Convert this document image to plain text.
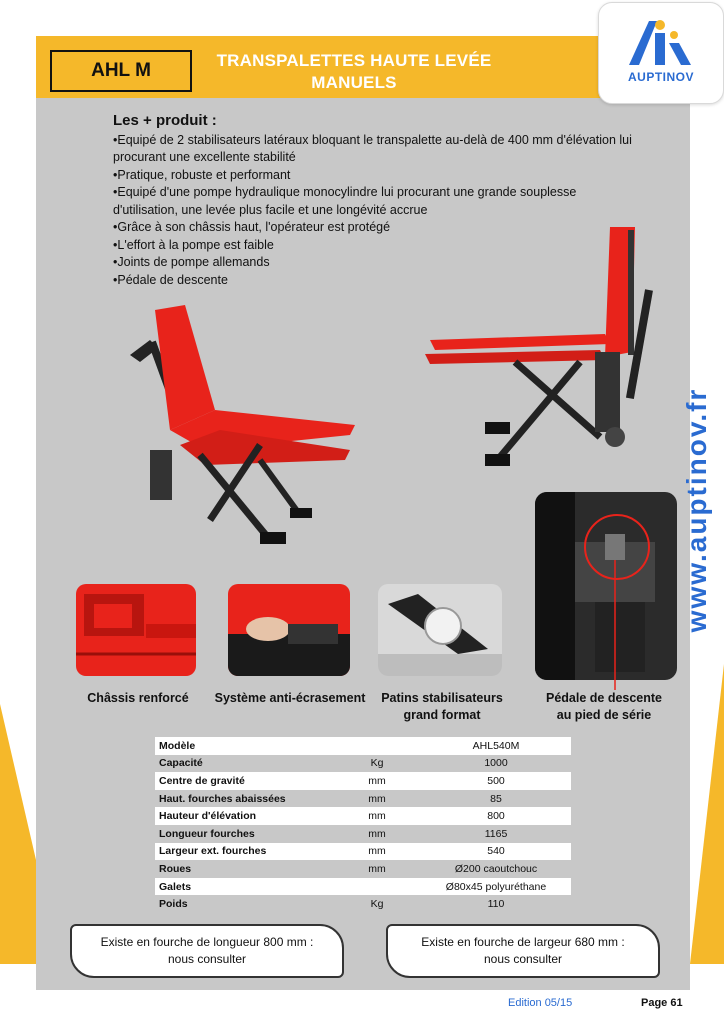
AHL M	TRANSPALETTES HAUTE LEVÉE
MANUELS	AUPTINOV
www.auptinov.fr
Les + produit :
• Equipé de 2 stabilisateurs latéraux bloquant le transpalette au-delà de 400 mm d'élévation lui procurant une excellente stabilité
• Pratique, robuste et performant
• Equipé d'une pompe hydraulique monocylindre lui procurant une grande souplesse d'utilisation, une levée plus facile et une longévité accrue
• Grâce à son châssis haut, l'opérateur est protégé
• L'effort à la pompe est faible
• Joints de pompe allemands
• Pédale de descente
Châssis renforcé	Système anti-écrasement	Patins stabilisateurs
grand format
Pédale de descente
au pied de série
Modèle		AHL540M
Capacité	Kg	1000
Centre de gravité	mm	500
Haut. fourches abaissées	mm	85
Hauteur d'élévation	mm	800
Longueur fourches	mm	1165
Largeur ext. fourches	mm	540
Roues	mm	Ø200 caoutchouc
Galets		Ø80x45 polyuréthane
Poids	Kg	110
Existe en fourche de longueur 800 mm :
nous consulter
Existe en fourche de largeur 680 mm :
nous consulter
Edition 05/15	Page 61
